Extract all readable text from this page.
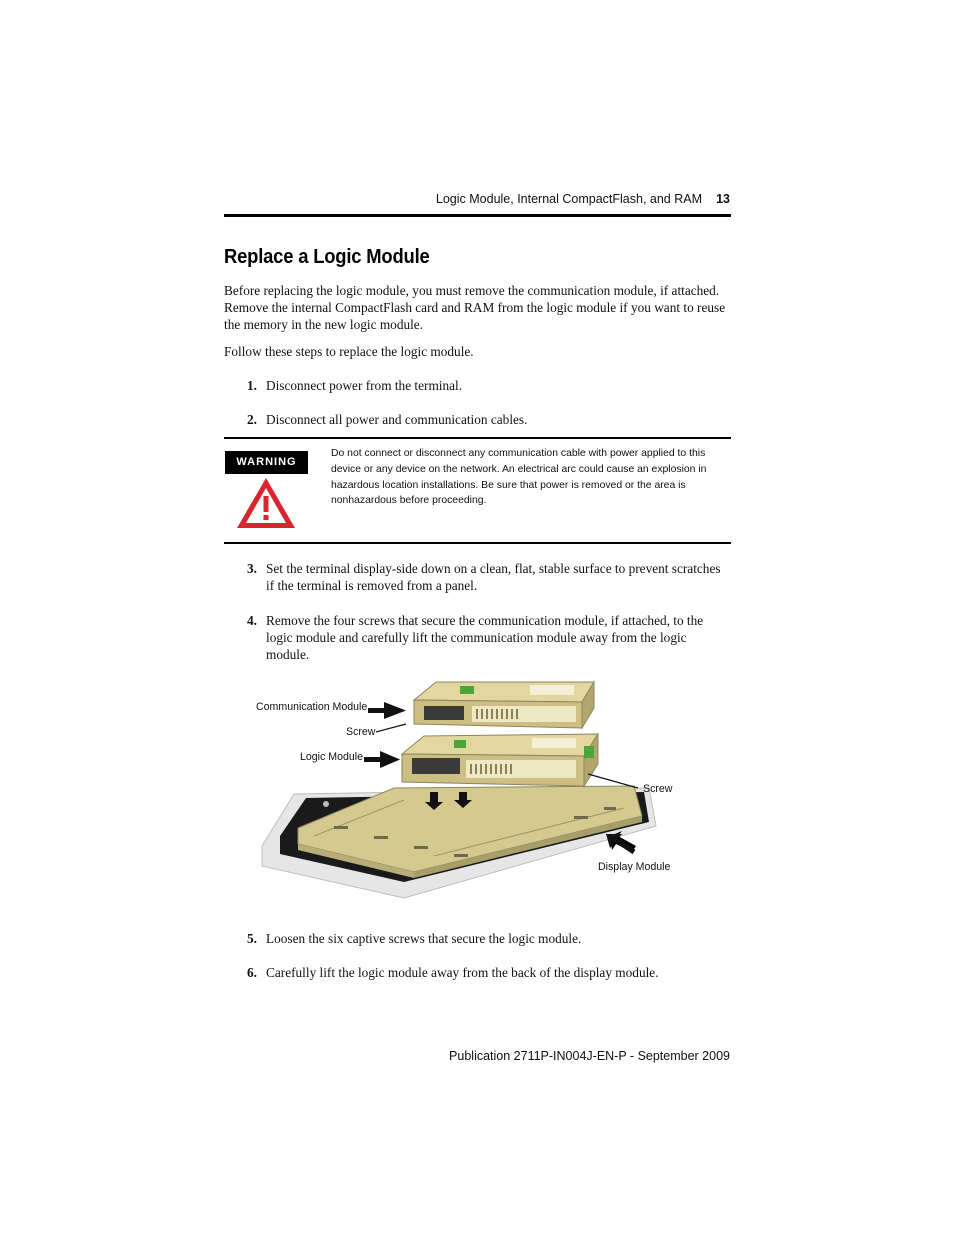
Logic Module, Internal CompactFlash, and RAM	13
Replace a Logic Module

Before replacing the logic module, you must remove the communication module, if attached. Remove the internal CompactFlash card and RAM from the logic module if you want to reuse the memory in the new logic module.

Follow these steps to replace the logic module.

1. Disconnect power from the terminal.
2. Disconnect all power and communication cables.
WARNING
Do not connect or disconnect any communication cable with power applied to this device or any device on the network. An electrical arc could cause an explosion in hazardous location installations. Be sure that power is removed or the area is nonhazardous before proceeding.
3. Set the terminal display-side down on a clean, flat, stable surface to prevent scratches if the terminal is removed from a panel.
4. Remove the four screws that secure the communication module, if attached, to the logic module and carefully lift the communication module away from the logic module.
Communication Module
Screw
Logic Module
Screw
Display Module
5. Loosen the six captive screws that secure the logic module.
6. Carefully lift the logic module away from the back of the display module.
Publication 2711P-IN004J-EN-P - September 2009
